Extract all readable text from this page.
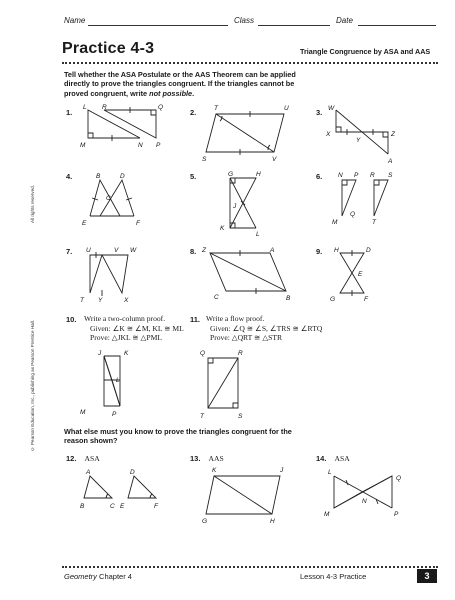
All rights reserved.
© Pearson Education, Inc., publishing as Pearson Prentice Hall.
Name	Class	Date
Practice 4-3	Triangle Congruence by ASA and AAS
Tell whether the ASA Postulate or the AAS Theorem can be applied
directly to prove the triangles congruent. If the triangles cannot be
proved congruent, write not possible.
1.	2.	3.
4.	5.	6.
7.	8.	9.
L R	Q
M	N P
T	U
S	V
W
X
Y
Z
A
B	D
C
E	F
G	H
J
K
L
N P R S
M
Q
T
U	V W
T Y	X
Z	A
C	B
H	D
E
G	F
10. Write a two-column proof.
Given: ∠K ≅ ∠M, KL ≅ ML
Prove: △JKL ≅ △PML
J	K
L
M	P
11. Write a flow proof.
Given: ∠Q ≅ ∠S, ∠TRS ≅ ∠RTQ
Prove: △QRT ≅ △STR
Q	R
T	S
What else must you know to prove the triangles congruent for the
reason shown?
12. ASA
A	D
B	C E	F
13. AAS
K	J
G	H
14. ASA
L
Q
N
M	P
Geometry Chapter 4	Lesson 4-3 Practice	3
